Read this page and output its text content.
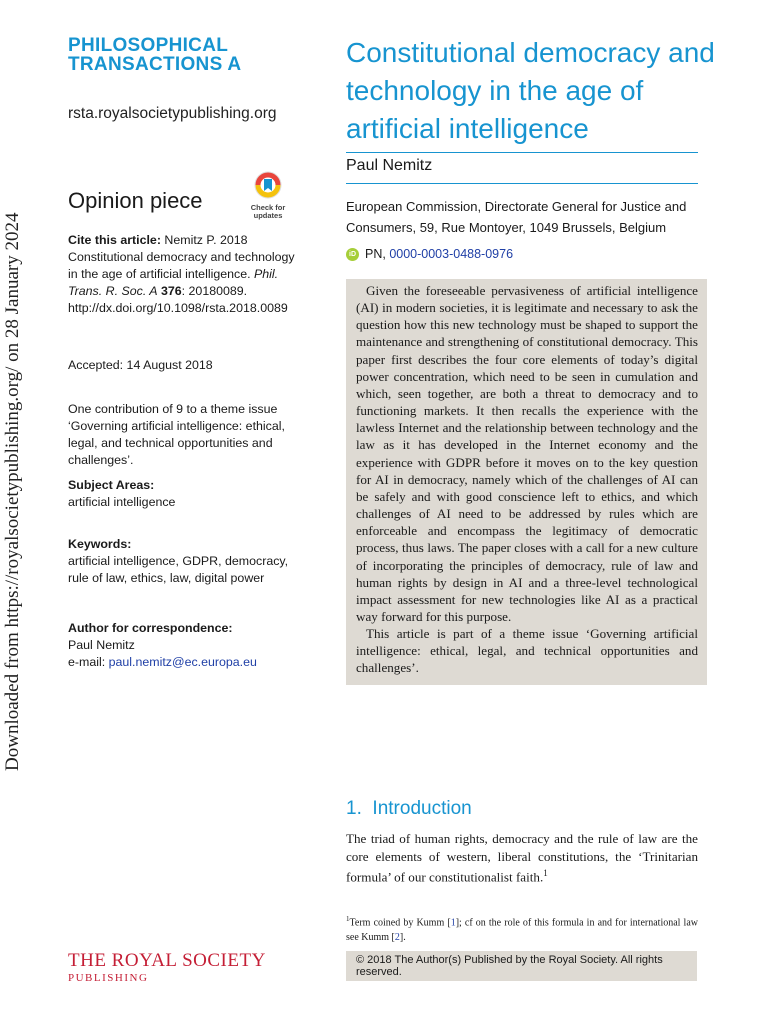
Downloaded from https://royalsocietypublishing.org/ on 28 January 2024
PHILOSOPHICAL
TRANSACTIONS A
rsta.royalsocietypublishing.org
Opinion piece	Check for
updates
Cite this article: Nemitz P. 2018 Constitutional democracy and technology in the age of artificial intelligence. Phil. Trans. R. Soc. A 376: 20180089.
http://dx.doi.org/10.1098/rsta.2018.0089
Accepted: 14 August 2018
One contribution of 9 to a theme issue ‘Governing artificial intelligence: ethical, legal, and technical opportunities and challenges’.
Subject Areas:
artificial intelligence
Keywords:
artificial intelligence, GDPR, democracy, rule of law, ethics, law, digital power
Author for correspondence:
Paul Nemitz
e-mail: paul.nemitz@ec.europa.eu
Constitutional democracy and technology in the age of artificial intelligence
Paul Nemitz
European Commission, Directorate General for Justice and Consumers, 59, Rue Montoyer, 1049 Brussels, Belgium
iD PN, 0000-0003-0488-0976

Given the foreseeable pervasiveness of artificial intelligence (AI) in modern societies, it is legitimate and necessary to ask the question how this new technology must be shaped to support the maintenance and strengthening of constitutional democracy. This paper first describes the four core elements of today’s digital power concentration, which need to be seen in cumulation and which, seen together, are both a threat to democracy and to functioning markets. It then recalls the experience with the lawless Internet and the relationship between technology and the law as it has developed in the Internet economy and the experience with GDPR before it moves on to the key question for AI in democracy, namely which of the challenges of AI can be safely and with good conscience left to ethics, and which challenges of AI need to be addressed by rules which are enforceable and encompass the legitimacy of democratic process, thus laws. The paper closes with a call for a new culture of incorporating the principles of democracy, rule of law and human rights by design in AI and a three-level technological impact assessment for new technologies like AI as a practical way forward for this purpose.

This article is part of a theme issue ‘Governing artificial intelligence: ethical, legal, and technical opportunities and challenges’.

1. Introduction
The triad of human rights, democracy and the rule of law are the core elements of western, liberal constitutions, the ‘Trinitarian formula’ of our constitutionalist faith.$^1$
$^1$Term coined by Kumm [1]; cf on the role of this formula in and for international law see Kumm [2].
© 2018 The Author(s) Published by the Royal Society. All rights reserved.
THE ROYAL SOCIETY
PUBLISHING
